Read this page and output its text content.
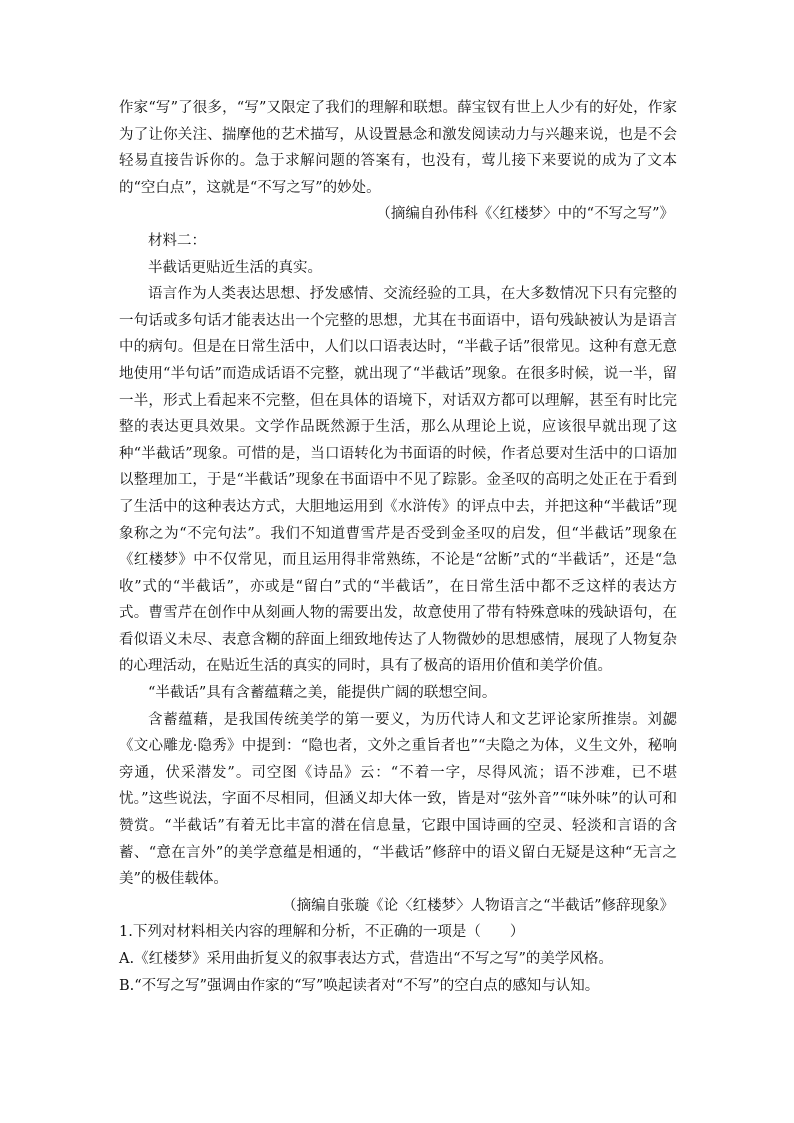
作家“写”了很多，“写”又限定了我们的理解和联想。薛宝钗有世上人少有的好处，作家为了让你关注、揣摩他的艺术描写，从设置悬念和激发阅读动力与兴趣来说，也是不会轻易直接告诉你的。急于求解问题的答案有，也没有，莺儿接下来要说的成为了文本的“空白点”，这就是“不写之写”的妙处。

（摘编自孙伟科《〈红楼梦〉中的“不写之写”》

材料二：

半截话更贴近生活的真实。

语言作为人类表达思想、抒发感情、交流经验的工具，在大多数情况下只有完整的一句话或多句话才能表达出一个完整的思想，尤其在书面语中，语句残缺被认为是语言中的病句。但是在日常生活中，人们以口语表达时，“半截子话”很常见。这种有意无意地使用“半句话”而造成话语不完整，就出现了“半截话”现象。在很多时候，说一半，留一半，形式上看起来不完整，但在具体的语境下，对话双方都可以理解，甚至有时比完整的表达更具效果。文学作品既然源于生活，那么从理论上说，应该很早就出现了这种“半截话”现象。可惜的是，当口语转化为书面语的时候，作者总要对生活中的口语加以整理加工，于是“半截话”现象在书面语中不见了踪影。金圣叹的高明之处正在于看到了生活中的这种表达方式，大胆地运用到《水浒传》的评点中去，并把这种“半截话”现象称之为“不完句法”。我们不知道曹雪芹是否受到金圣叹的启发，但“半截话”现象在《红楼梦》中不仅常见，而且运用得非常熟练，不论是“岔断”式的“半截话”，还是“急收”式的“半截话”，亦或是“留白”式的“半截话”，在日常生活中都不乏这样的表达方式。曹雪芹在创作中从刻画人物的需要出发，故意使用了带有特殊意味的残缺语句，在看似语义未尽、表意含糊的辞面上细致地传达了人物微妙的思想感情，展现了人物复杂的心理活动，在贴近生活的真实的同时，具有了极高的语用价值和美学价值。

“半截话”具有含蓄蕴藉之美，能提供广阔的联想空间。

含蓄蕴藉，是我国传统美学的第一要义，为历代诗人和文艺评论家所推崇。刘勰《文心雕龙·隐秀》中提到：“隐也者，文外之重旨者也”“夫隐之为体，义生文外，秘响旁通，伏采潜发”。司空图《诗品》云：“不着一字，尽得风流；语不涉难，已不堪忧。”这些说法，字面不尽相同，但涵义却大体一致，皆是对“弦外音”“味外味”的认可和赞赏。“半截话”有着无比丰富的潜在信息量，它跟中国诗画的空灵、轻淡和言语的含蓄、“意在言外”的美学意蕴是相通的，“半截话”修辞中的语义留白无疑是这种“无言之美”的极佳载体。

（摘编自张璇《论〈红楼梦〉人物语言之“半截话”修辞现象》

1.下列对材料相关内容的理解和分析，不正确的一项是（　　）

A.《红楼梦》采用曲折复义的叙事表达方式，营造出“不写之写”的美学风格。

B.“不写之写”强调由作家的“写”唤起读者对“不写”的空白点的感知与认知。
